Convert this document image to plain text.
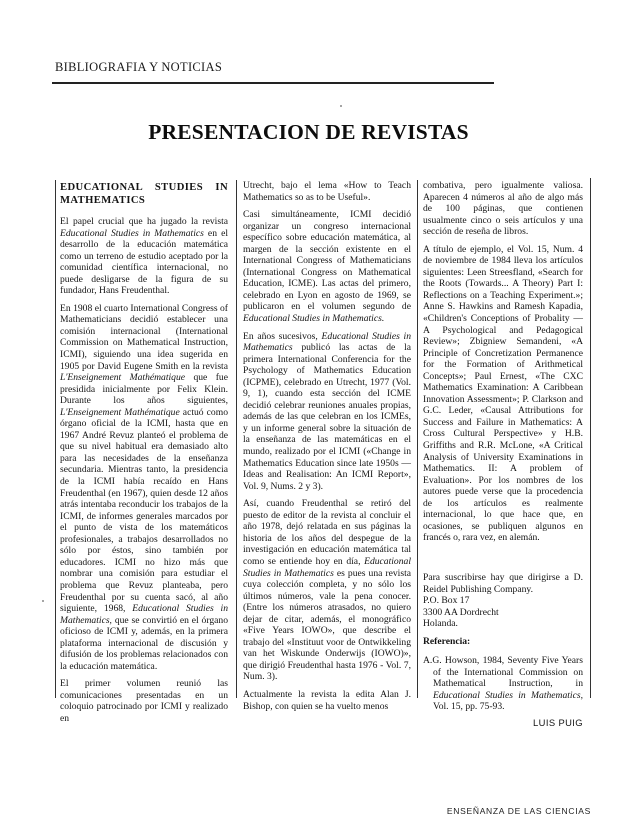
BIBLIOGRAFIA Y NOTICIAS
PRESENTACION DE REVISTAS
EDUCATIONAL STUDIES IN MATHEMATICS

El papel crucial que ha jugado la revista Educational Studies in Mathematics en el desarrollo de la educación matemática como un terreno de estudio aceptado por la comunidad científica internacional, no puede desligarse de la figura de su fundador, Hans Freudenthal.

En 1908 el cuarto International Congress of Mathematicians decidió establecer una comisión internacional (International Commission on Mathematical Instruction, ICMI), siguiendo una idea sugerida en 1905 por David Eugene Smith en la revista L'Enseignement Mathématique que fue presidida inicialmente por Felix Klein. Durante los años siguientes, L'Enseignement Mathématique actuó como órgano oficial de la ICMI, hasta que en 1967 André Revuz planteó el problema de que su nivel habitual era demasiado alto para las necesidades de la enseñanza secundaria. Mientras tanto, la presidencia de la ICMI había recaído en Hans Freudenthal (en 1967), quien desde 12 años atrás intentaba reconducir los trabajos de la ICMI, de informes generales marcados por el punto de vista de los matemáticos profesionales, a trabajos desarrollados no sólo por éstos, sino también por educadores. ICMI no hizo más que nombrar una comisión para estudiar el problema que Revuz planteaba, pero Freudenthal por su cuenta sacó, al año siguiente, 1968, Educational Studies in Mathematics, que se convirtió en el órgano oficioso de ICMI y, además, en la primera plataforma internacional de discusión y difusión de los problemas relacionados con la educación matemática.

El primer volumen reunió las comunicaciones presentadas en un coloquio patrocinado por ICMI y realizado en

Utrecht, bajo el lema «How to Teach Mathematics so as to be Useful».

Casi simultáneamente, ICMI decidió organizar un congreso internacional específico sobre educación matemática, al margen de la sección existente en el International Congress of Mathematicians (International Congress on Mathematical Education, ICME). Las actas del primero, celebrado en Lyon en agosto de 1969, se publicaron en el volumen segundo de Educational Studies in Mathematics.

En años sucesivos, Educational Studies in Mathematics publicó las actas de la primera International Conferencia for the Psychology of Mathematics Education (ICPME), celebrado en Utrecht, 1977 (Vol. 9, 1), cuando esta sección del ICME decidió celebrar reuniones anuales propias, además de las que celebran en los ICMEs, y un informe general sobre la situación de la enseñanza de las matemáticas en el mundo, realizado por el ICMI («Change in Mathematics Education since late 1950s — Ideas and Realisation: An ICMI Report», Vol. 9, Nums. 2 y 3).

Así, cuando Freudenthal se retiró del puesto de editor de la revista al concluir el año 1978, dejó relatada en sus páginas la historia de los años del despegue de la investigación en educación matemática tal como se entiende hoy en día, Educational Studies in Mathematics es pues una revista cuya colección completa, y no sólo los últimos números, vale la pena conocer. (Entre los números atrasados, no quiero dejar de citar, además, el monográfico «Five Years IOWO», que describe el trabajo del «Instituut voor de Ontwikkeling van het Wiskunde Onderwijs (IOWO)», que dirigió Freudenthal hasta 1976 - Vol. 7, Num. 3).

Actualmente la revista la edita Alan J. Bishop, con quien se ha vuelto menos

combativa, pero igualmente valiosa. Aparecen 4 números al año de algo más de 100 páginas, que contienen usualmente cinco o seis artículos y una sección de reseña de libros.

A título de ejemplo, el Vol. 15, Num. 4 de noviembre de 1984 lleva los artículos siguientes: Leen Streesfland, «Search for the Roots (Towards... A Theory) Part I: Reflections on a Teaching Experiment.»; Anne S. Hawkins and Ramesh Kapadia, «Children's Conceptions of Probality — A Psychological and Pedagogical Review»; Zbigniew Semandeni, «A Principle of Concretization Permanence for the Formation of Arithmetical Concepts»; Paul Ernest, «The CXC Mathematics Examination: A Caribbean Innovation Assessment»; P. Clarkson and G.C. Leder, «Causal Attributions for Success and Failure in Mathematics: A Cross Cultural Perspective» y H.B. Griffiths and R.R. McLone, «A Critical Analysis of University Examinations in Mathematics. II: A problem of Evaluation». Por los nombres de los autores puede verse que la procedencia de los artículos es realmente internacional, lo que hace que, en ocasiones, se publiquen algunos en francés o, rara vez, en alemán.

Para suscribirse hay que dirigirse a D. Reidel Publishing Company.
P.O. Box 17
3300 AA Dordrecht
Holanda.
Referencia:
A.G. Howson, 1984, Seventy Five Years of the International Commission on Mathematical Instruction, in Educational Studies in Mathematics, Vol. 15, pp. 75-93.
LUIS PUIG
ENSEÑANZA DE LAS CIENCIAS
